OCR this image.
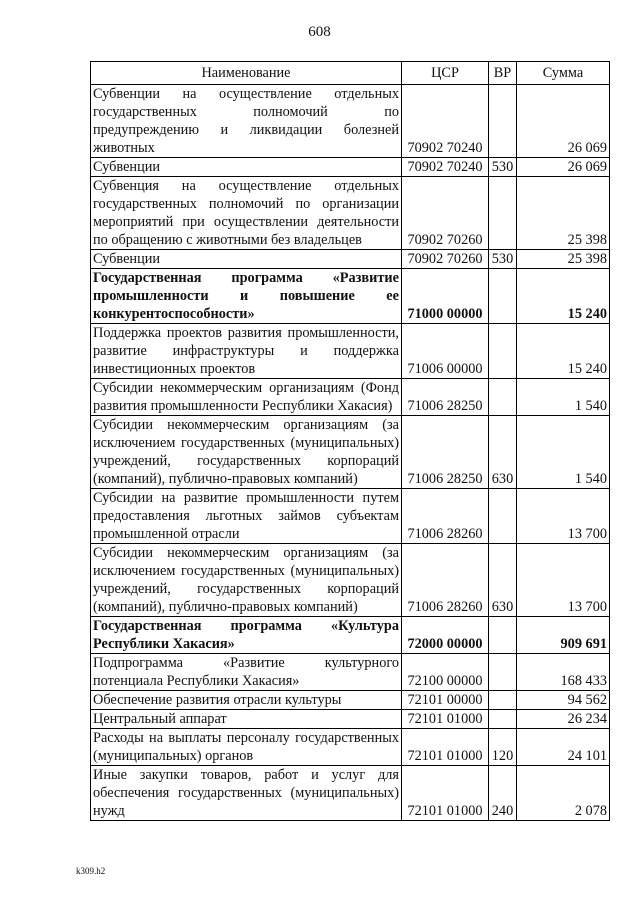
608
Наименование	ЦСР	ВР	Сумма
Субвенции на осуществление отдельных государственных полномочий по предупреждению и ликвидации болезней животных	70902 70240		26 069
Субвенции	70902 70240	530	26 069
Субвенция на осуществление отдельных государственных полномочий по организации мероприятий при осуществлении деятельности по обращению с животными без владельцев	70902 70260		25 398
Субвенции	70902 70260	530	25 398
Государственная программа «Развитие промышленности и повышение ее конкурентоспособности»	71000 00000		15 240
Поддержка проектов развития промышленности, развитие инфраструктуры и поддержка инвестиционных проектов	71006 00000		15 240
Субсидии некоммерческим организациям (Фонд развития промышленности Республики Хакасия)	71006 28250		1 540
Субсидии некоммерческим организациям (за исключением государственных (муниципальных) учреждений, государственных корпораций (компаний), публично-правовых компаний)	71006 28250	630	1 540
Субсидии на развитие промышленности путем предоставления льготных займов субъектам промышленной отрасли	71006 28260		13 700
Субсидии некоммерческим организациям (за исключением государственных (муниципальных) учреждений, государственных корпораций (компаний), публично-правовых компаний)	71006 28260	630	13 700
Государственная программа «Культура Республики Хакасия»	72000 00000		909 691
Подпрограмма «Развитие культурного потенциала Республики Хакасия»	72100 00000		168 433
Обеспечение развития отрасли культуры	72101 00000		94 562
Центральный аппарат	72101 01000		26 234
Расходы на выплаты персоналу государственных (муниципальных) органов	72101 01000	120	24 101
Иные закупки товаров, работ и услуг для обеспечения государственных (муниципальных) нужд	72101 01000	240	2 078
k309.h2
